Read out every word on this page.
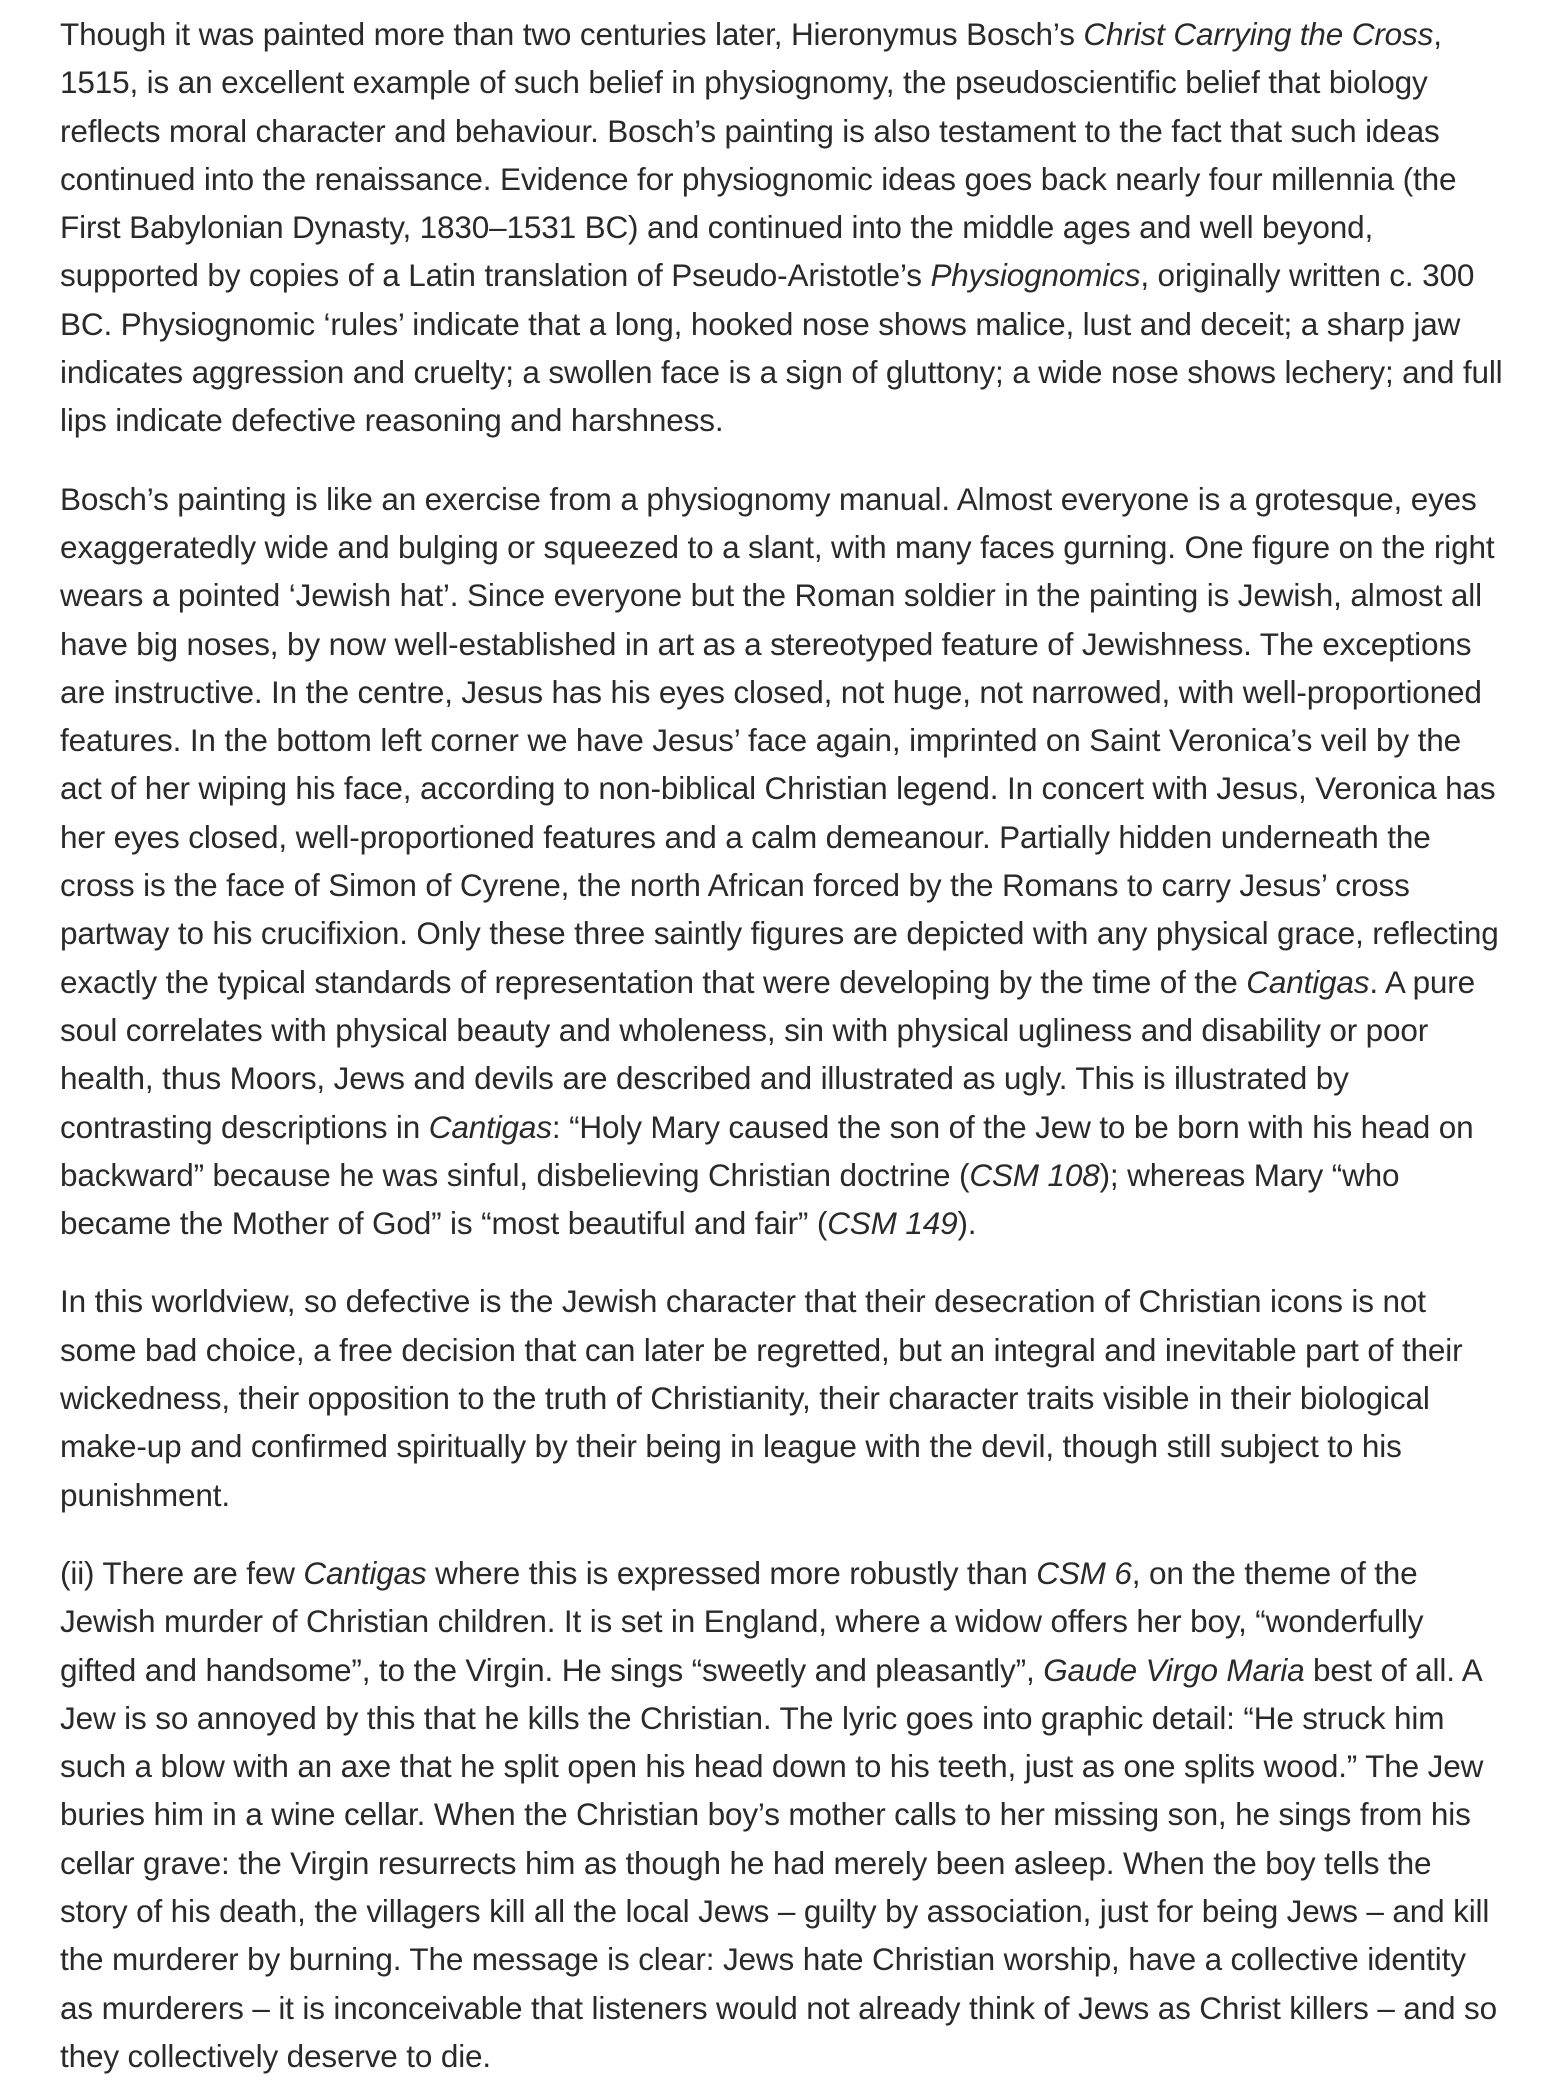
Though it was painted more than two centuries later, Hieronymus Bosch’s Christ Carrying the Cross, 1515, is an excellent example of such belief in physiognomy, the pseudoscientific belief that biology reflects moral character and behaviour. Bosch’s painting is also testament to the fact that such ideas continued into the renaissance. Evidence for physiognomic ideas goes back nearly four millennia (the First Babylonian Dynasty, 1830–1531 BC) and continued into the middle ages and well beyond, supported by copies of a Latin translation of Pseudo-Aristotle’s Physiognomics, originally written c. 300 BC. Physiognomic ‘rules’ indicate that a long, hooked nose shows malice, lust and deceit; a sharp jaw indicates aggression and cruelty; a swollen face is a sign of gluttony; a wide nose shows lechery; and full lips indicate defective reasoning and harshness.

Bosch’s painting is like an exercise from a physiognomy manual. Almost everyone is a grotesque, eyes exaggeratedly wide and bulging or squeezed to a slant, with many faces gurning. One figure on the right wears a pointed ‘Jewish hat’. Since everyone but the Roman soldier in the painting is Jewish, almost all have big noses, by now well-established in art as a stereotyped feature of Jewishness. The exceptions are instructive. In the centre, Jesus has his eyes closed, not huge, not narrowed, with well-proportioned features. In the bottom left corner we have Jesus’ face again, imprinted on Saint Veronica’s veil by the act of her wiping his face, according to non-biblical Christian legend. In concert with Jesus, Veronica has her eyes closed, well-proportioned features and a calm demeanour. Partially hidden underneath the cross is the face of Simon of Cyrene, the north African forced by the Romans to carry Jesus’ cross partway to his crucifixion. Only these three saintly figures are depicted with any physical grace, reflecting exactly the typical standards of representation that were developing by the time of the Cantigas. A pure soul correlates with physical beauty and wholeness, sin with physical ugliness and disability or poor health, thus Moors, Jews and devils are described and illustrated as ugly. This is illustrated by contrasting descriptions in Cantigas: “Holy Mary caused the son of the Jew to be born with his head on backward” because he was sinful, disbelieving Christian doctrine (CSM 108); whereas Mary “who became the Mother of God” is “most beautiful and fair” (CSM 149).

In this worldview, so defective is the Jewish character that their desecration of Christian icons is not some bad choice, a free decision that can later be regretted, but an integral and inevitable part of their wickedness, their opposition to the truth of Christianity, their character traits visible in their biological make-up and confirmed spiritually by their being in league with the devil, though still subject to his punishment.

(ii) There are few Cantigas where this is expressed more robustly than CSM 6, on the theme of the Jewish murder of Christian children. It is set in England, where a widow offers her boy, “wonderfully gifted and handsome”, to the Virgin. He sings “sweetly and pleasantly”, Gaude Virgo Maria best of all. A Jew is so annoyed by this that he kills the Christian. The lyric goes into graphic detail: “He struck him such a blow with an axe that he split open his head down to his teeth, just as one splits wood.” The Jew buries him in a wine cellar. When the Christian boy’s mother calls to her missing son, he sings from his cellar grave: the Virgin resurrects him as though he had merely been asleep. When the boy tells the story of his death, the villagers kill all the local Jews – guilty by association, just for being Jews – and kill the murderer by burning. The message is clear: Jews hate Christian worship, have a collective identity as murderers – it is inconceivable that listeners would not already think of Jews as Christ killers – and so they collectively deserve to die.
